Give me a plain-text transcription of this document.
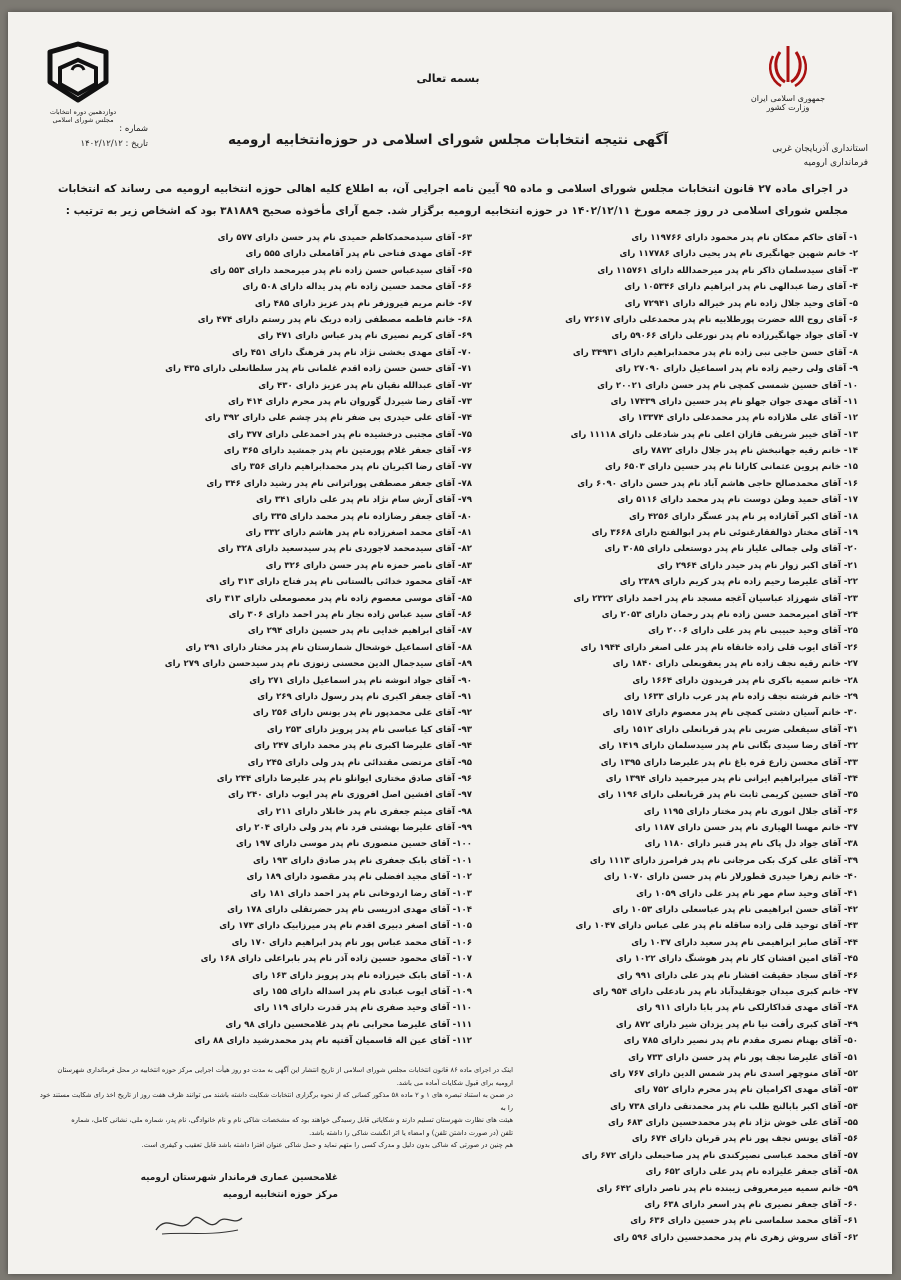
جمهوری اسلامی ایران
وزارت کشور
دوازدهمین دوره انتخابات
مجلس شورای اسلامی
بسمه تعالی
آگهی نتیجه انتخابات مجلس شورای اسلامی در حوزه‌انتخابیه ارومیه
استانداری آذربایجان غربی
فرمانداری ارومیه
شماره :
تاریخ : ۱۴۰۲/۱۲/۱۲
در اجرای ماده ۲۷ قانون انتخابات مجلس شورای اسلامی و ماده ۹۵ آیین نامه اجرایی آن، به اطلاع کلیه اهالی حوزه انتخابیه ارومیه می رساند که انتخابات مجلس شورای اسلامی در روز جمعه مورخ ۱۴۰۲/۱۲/۱۱ در حوزه انتخابیه ارومیه برگزار شد. جمع آرای مأخوذه صحیح ۳۸۱۸۸۹ بود که اشخاص زیر به ترتیب :
۱- آقای حاکم ممکان نام پدر محمود دارای ۱۱۹۷۶۶ رای
۲- خانم شهین جهانگیری نام پدر یحیی دارای ۱۱۷۷۸۶ رای
۳- آقای سیدسلمان ذاکر نام پدر میرحمدالله دارای ۱۱۵۷۶۱ رای
۴- آقای رضا عبدالهی نام پدر ابراهیم دارای ۱۰۵۳۴۶ رای
۵- آقای وحید جلال زاده نام پدر خیراله دارای ۷۲۹۴۱ رای
۶- آقای روح الله حضرت پورطلابیه نام پدر محمدعلی دارای ۷۲۶۱۷ رای
۷- آقای جواد جهانگیرزاده نام پدر نورعلی دارای ۵۹۰۶۶ رای
۸- آقای حسن حاجی نبی زاده نام پدر محمدابراهیم دارای ۳۴۹۳۱ رای
۹- آقای ولی رحیم زاده نام پدر اسماعیل دارای ۲۷۰۹۰ رای
۱۰- آقای حسین شمسی کمچی نام پدر حسن دارای ۲۰۰۲۱ رای
۱۱- آقای مهدی جوان جهلو نام پدر حسین دارای ۱۷۴۳۹ رای
۱۲- آقای علی ملازاده نام پدر محمدعلی دارای ۱۳۳۷۴ رای
۱۳- آقای خیبر شریفی قازان اعلی نام پدر شادعلی دارای ۱۱۱۱۸ رای
۱۴- خانم رقیه جهانبخش نام پدر جلال دارای ۷۸۷۲ رای
۱۵- خانم پروین عثمانی کارانا نام پدر حسین دارای ۶۵۰۳ رای
۱۶- آقای محمدصالح حاجی هاشم آباد نام پدر حسن دارای ۶۰۹۰ رای
۱۷- آقای حمید وطن دوست نام پدر محمد دارای ۵۱۱۶ رای
۱۸- آقای اکبر آقازاده پر نام پدر عسگر دارای ۴۲۵۶ رای
۱۹- آقای مختار ذوالفقارغنوئی نام پدر ابوالفتح دارای ۳۶۶۸ رای
۲۰- آقای ولی جمالی علیار نام پدر دوستعلی دارای ۳۰۸۵ رای
۲۱- آقای اکبر زوار نام پدر حیدر دارای ۲۹۶۴ رای
۲۲- آقای علیرضا رحیم زاده نام پدر کریم دارای ۲۳۸۹ رای
۲۳- آقای شهرزاد عباسیان آغجه مسجد نام پدر احمد دارای ۲۳۲۲ رای
۲۴- آقای امیرمحمد حسن زاده نام پدر رحمان دارای ۲۰۵۳ رای
۲۵- آقای وحید حبیبی نام پدر علی دارای ۲۰۰۶ رای
۲۶- آقای ایوب قلی زاده خانقاه نام پدر علی اصغر دارای ۱۹۴۴ رای
۲۷- خانم رقیه نجف زاده نام پدر یعقوبعلی دارای ۱۸۴۰ رای
۲۸- خانم سمیه باکری نام پدر فریدون دارای ۱۶۶۴ رای
۲۹- خانم فرشته نجف زاده نام پدر عرب دارای ۱۶۳۳ رای
۳۰- خانم آسیان دشتی کمچی نام پدر معصوم دارای ۱۵۱۷ رای
۳۱- آقای سیفعلی ضربی نام پدر قربانعلی دارای ۱۵۱۲ رای
۳۲- آقای رضا سیدی بگانی نام پدر سیدسلمان دارای ۱۴۱۹ رای
۳۳- آقای محسن زارع قره باغ نام پدر علیرضا دارای ۱۳۹۵ رای
۳۴- آقای میرابراهیم ایرانی نام پدر میرحمید دارای ۱۳۹۴ رای
۳۵- آقای حسین کریمی ثابت نام پدر قربانعلی دارای ۱۱۹۶ رای
۳۶- آقای جلال انوری نام پدر مختار دارای ۱۱۹۵ رای
۳۷- خانم مهسا الهیاری نام پدر حسن دارای ۱۱۸۷ رای
۳۸- آقای جواد دل پاک نام پدر قنبر دارای ۱۱۸۰ رای
۳۹- آقای علی کرک بکی مرجانی نام پدر فرامرز دارای ۱۱۱۳ رای
۴۰- خانم زهرا حیدری قطورلار نام پدر حسن دارای ۱۰۷۰ رای
۴۱- آقای وحید سام مهر نام پدر علی دارای ۱۰۵۹ رای
۴۲- آقای حسن ابراهیمی نام پدر عباسعلی دارای ۱۰۵۳ رای
۴۳- آقای توحید قلی زاده ساقله نام پدر علی عباس دارای ۱۰۴۷ رای
۴۴- آقای صابر ابراهیمی نام پدر سعید دارای ۱۰۳۷ رای
۴۵- آقای امین افشان کار نام پدر هوشنگ دارای ۱۰۲۲ رای
۴۶- آقای سجاد حقیقت افشار نام پدر علی دارای ۹۹۱ رای
۴۷- خانم کبری میدان جوتقلیدآباد نام پدر نادعلی دارای ۹۵۴ رای
۴۸- آقای مهدی قداکارلکی نام پدر بابا دارای ۹۱۱ رای
۴۹- آقای کبری رأفت نیا نام پدر یزدان شیر دارای ۸۷۲ رای
۵۰- آقای بهنام نصری مقدم نام پدر نصیر دارای ۷۸۵ رای
۵۱- آقای علیرضا نجف پور نام پدر حسن دارای ۷۳۳ رای
۵۲- آقای منوچهر اسدی نام پدر شمس الدین دارای ۷۶۷ رای
۵۳- آقای مهدی اکرامیان نام پدر محرم دارای ۷۵۲ رای
۵۴- آقای اکبر بابالنج طلب نام پدر محمدتقی دارای ۷۳۸ رای
۵۵- آقای علی خوش نژاد نام پدر محمدحسین دارای ۶۸۳ رای
۵۶- آقای یونس نجف پور نام پدر قربان دارای ۶۷۴ رای
۵۷- آقای محمد عباسی نصیرکندی نام پدر صاحبعلی دارای ۶۷۲ رای
۵۸- آقای جعفر علیزاده نام پدر علی دارای ۶۵۲ رای
۵۹- خانم سمیه میرمعروفی زیبنده نام پدر ناصر دارای ۶۴۲ رای
۶۰- آقای جعفر نصیری نام پدر اسعر دارای ۶۳۸ رای
۶۱- آقای محمد سلماسی نام پدر حسین دارای ۶۳۶ رای
۶۲- آقای سروش زهری نام پدر محمدحسین دارای ۵۹۶ رای
۶۳- آقای سیدمحمدکاظم حمیدی نام پدر حسن دارای ۵۷۷ رای
۶۴- آقای مهدی فتاحی نام پدر آقامعلی دارای ۵۵۵ رای
۶۵- آقای سیدعباس حسن زاده نام پدر میرمحمد دارای ۵۵۳ رای
۶۶- آقای محمد حسین زاده نام پدر یداله دارای ۵۰۸ رای
۶۷- خانم مریم فیروزفر نام پدر عزیز دارای ۴۸۵ رای
۶۸- خانم فاطمه مصطفی زاده دربک نام پدر رستم دارای ۴۷۴ رای
۶۹- آقای کریم نصیری نام پدر عباس دارای ۴۷۱ رای
۷۰- آقای مهدی بخشی نژاد نام پدر فرهنگ دارای ۴۵۱ رای
۷۱- آقای حسن حسن زاده اقدم غلمانی نام پدر سلطانعلی دارای ۴۳۵ رای
۷۲- آقای عبدالله نقیان نام پدر عزیز دارای ۴۳۰ رای
۷۳- آقای رضا شیردل گوروان نام پدر محرم دارای ۴۱۴ رای
۷۴- آقای علی حیدری بی ضفر نام پدر چشم علی دارای ۳۹۲ رای
۷۵- آقای مجتبی درخشیده نام پدر احمدعلی دارای ۳۷۷ رای
۷۶- آقای جعفر غلام پورمتین نام پدر جمشید دارای ۳۶۵ رای
۷۷- آقای رضا اکبریان نام پدر محمدابراهیم دارای ۳۵۶ رای
۷۸- آقای جعفر مصطفی پوراترانی نام پدر رشید دارای ۳۴۶ رای
۷۹- آقای آرش سام نژاد نام پدر علی دارای ۳۴۱ رای
۸۰- آقای جعفر رضازاده نام پدر محمد دارای ۳۳۵ رای
۸۱- آقای محمد اصغرزاده نام پدر هاشم دارای ۳۳۲ رای
۸۲- آقای سیدمحمد لاجوردی نام پدر سیدسعید دارای ۳۲۸ رای
۸۳- آقای ناصر حمزه نام پدر حسن دارای ۳۲۶ رای
۸۴- آقای محمود خدائی بالستانی نام پدر فتاح دارای ۳۱۳ رای
۸۵- آقای موسی معصوم زاده نام پدر معصومعلی دارای ۳۱۳ رای
۸۶- آقای سید عباس زاده نجار نام پدر احمد دارای ۳۰۶ رای
۸۷- آقای ابراهیم خدایی نام پدر حسین دارای ۲۹۴ رای
۸۸- آقای اسماعیل خوشحال شمارستان نام پدر مختار دارای ۲۹۱ رای
۸۹- آقای سیدجمال الدین محسنی زنوزی نام پدر سیدحسن دارای ۲۷۹ رای
۹۰- آقای جواد انوشه نام پدر اسماعیل دارای ۲۷۱ رای
۹۱- آقای جعفر اکبری نام پدر رسول دارای ۲۶۹ رای
۹۲- آقای علی محمدپور نام پدر یونس دارای ۲۵۶ رای
۹۳- آقای کیا عباسی نام پدر پرویز دارای ۲۵۳ رای
۹۴- آقای علیرضا اکبری نام پدر محمد دارای ۲۴۷ رای
۹۵- آقای مرتضی مقتدائی نام پدر ولی دارای ۲۴۵ رای
۹۶- آقای صادق مختاری ایوانلو نام پدر علیرضا دارای ۲۴۴ رای
۹۷- آقای افشین اصل افروزی نام پدر ایوب دارای ۲۴۰ رای
۹۸- آقای میثم جعفری نام پدر خانلار دارای ۲۱۱ رای
۹۹- آقای علیرضا بهشتی فرد نام پدر ولی دارای ۲۰۴ رای
۱۰۰- آقای حسین منصوری نام پدر موسی دارای ۱۹۷ رای
۱۰۱- آقای بابک جعفری نام پدر صادق دارای ۱۹۳ رای
۱۰۲- آقای مجید افضلی نام پدر مقصود دارای ۱۸۹ رای
۱۰۳- آقای رضا اردوخانی نام پدر احمد دارای ۱۸۱ رای
۱۰۴- آقای مهدی ادریسی نام پدر حضرتقلی دارای ۱۷۸ رای
۱۰۵- آقای اصغر دبیری اقدم نام پدر میرزابیک دارای ۱۷۳ رای
۱۰۶- آقای محمد عباس پور نام پدر ابراهیم دارای ۱۷۰ رای
۱۰۷- آقای محمود حسین زاده آذر نام پدر بابراعلی دارای ۱۶۸ رای
۱۰۸- آقای بابک خیرزاده نام پدر پرویز دارای ۱۶۳ رای
۱۰۹- آقای ایوب عبادی نام پدر اسداله دارای ۱۵۵ رای
۱۱۰- آقای وحید صفری نام پدر قدرت دارای ۱۱۹ رای
۱۱۱- آقای علیرضا محرابی نام پدر غلامحسین دارای ۹۸ رای
۱۱۲- آقای عین اله قاسمیان آقتپه نام پدر محمدرشید دارای ۸۸ رای
اینک در اجرای ماده ۸۶ قانون انتخابات مجلس شورای اسلامی از تاریخ انتشار این آگهی به مدت دو روز هیأت اجرایی مرکز حوزه انتخابیه در محل فرمانداری شهرستان ارومیه برای قبول شکایات آماده می باشد.
در ضمن به استناد تبصره های ۱ و ۲ ماده ۵۸ مذکور کسانی که از نحوه برگزاری انتخابات شکایت داشته باشند می توانند ظرف هفت روز از تاریخ اخذ رای شکایت مستند خود را به
هیئت های نظارت شهرستان تسلیم دارند و شکایاتی قابل رسیدگی خواهند بود که مشخصات شاکی نام و نام خانوادگی، نام پدر، شماره ملی، نشانی کامل، شماره
تلفن (در صورت داشتن تلفن) و امضاء یا اثر انگشت شاکی را داشته باشد.
هم چنین در صورتی که شاکی بدون دلیل و مدرک کسی را متهم نماید و حمل شاکی عنوان افترا داشته باشد قابل تعقیب و کیفری است.
غلامحسین عماری فرماندار شهرستان ارومیه
مرکز حوزه انتخابیه ارومیه
